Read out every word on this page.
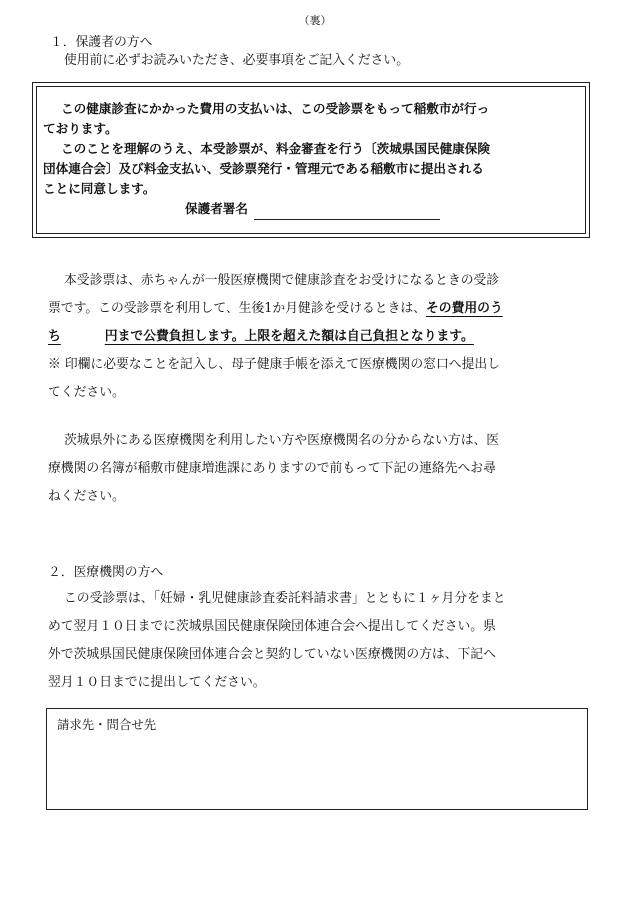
（裏）
１．保護者の方へ
使用前に必ずお読みいただき、必要事項をご記入ください。
この健康診査にかかった費用の支払いは、この受診票をもって稲敷市が行っ
ております。
このことを理解のうえ、本受診票が、料金審査を行う〔茨城県国民健康保険
団体連合会〕及び料金支払い、受診票発行・管理元である稲敷市に提出される
ことに同意します。
保護者署名
本受診票は、赤ちゃんが一般医療機関で健康診査をお受けになるときの受診
票です。この受診票を利用して、生後1か月健診を受けるときは、その費用のう
ち	円まで公費負担します。上限を超えた額は自己負担となります。
※ 印欄に必要なことを記入し、母子健康手帳を添えて医療機関の窓口へ提出し
てください。
茨城県外にある医療機関を利用したい方や医療機関名の分からない方は、医
療機関の名簿が稲敷市健康増進課にありますので前もって下記の連絡先へお尋
ねください。
２．医療機関の方へ
この受診票は、「妊婦・乳児健康診査委託料請求書」とともに１ヶ月分をまと
めて翌月１０日までに茨城県国民健康保険団体連合会へ提出してください。県
外で茨城県国民健康保険団体連合会と契約していない医療機関の方は、下記へ
翌月１０日までに提出してください。
請求先・問合せ先
